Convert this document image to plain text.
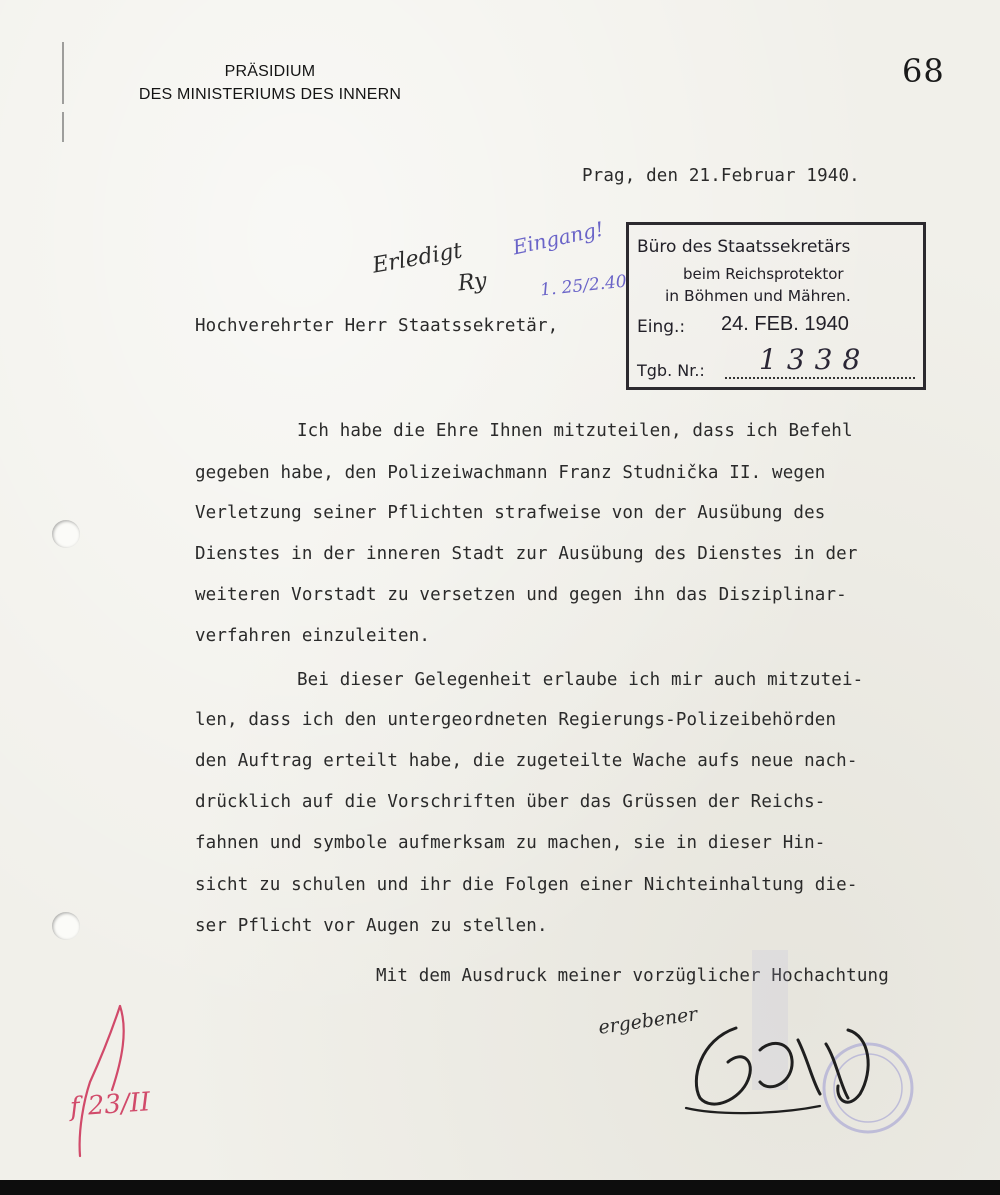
PRÄSIDIUM
DES MINISTERIUMS DES INNERN
68
Prag, den 21.Februar 1940.
Erledigt
Ry
Eingang!
1. 25/2.40
Büro des Staatssekretärs
beim Reichsprotektor
in Böhmen und Mähren.
Eing.: 24. FEB. 1940
Tgb. Nr.: 1338
Hochverehrter Herr Staatssekretär,
Ich habe die Ehre Ihnen mitzuteilen, dass ich Befehl
gegeben habe, den Polizeiwachmann Franz Studnička II. wegen
Verletzung seiner Pflichten strafweise von der Ausübung des
Dienstes in der inneren Stadt zur Ausübung des Dienstes in der
weiteren Vorstadt zu versetzen und gegen ihn das Disziplinar-
verfahren einzuleiten.
Bei dieser Gelegenheit erlaube ich mir auch mitzutei-
len, dass ich den untergeordneten Regierungs-Polizeibehörden
den Auftrag erteilt habe, die zugeteilte Wache aufs neue nach-
drücklich auf die Vorschriften über das Grüssen der Reichs-
fahnen und symbole aufmerksam zu machen, sie in dieser Hin-
sicht zu schulen und ihr die Folgen einer Nichteinhaltung die-
ser Pflicht vor Augen zu stellen.
Mit dem Ausdruck meiner vorzüglicher Hochachtung
ergebener
f 23/II
